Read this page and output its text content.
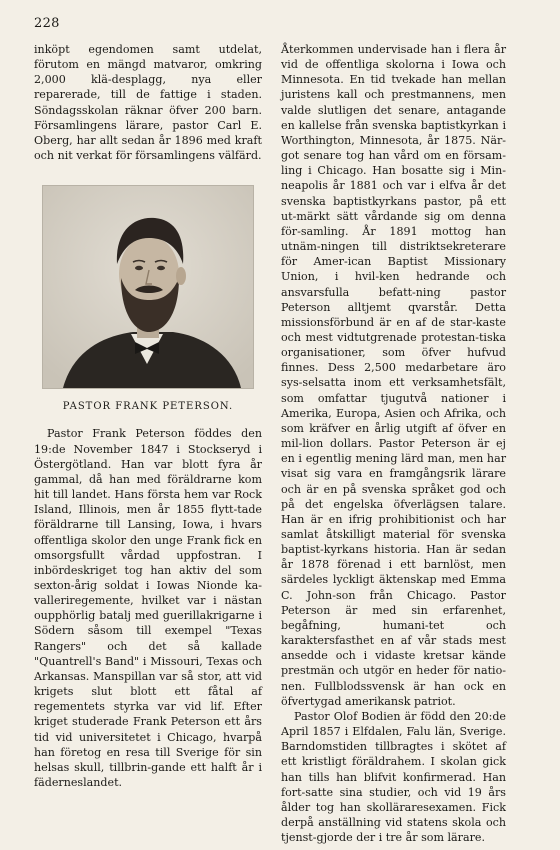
228

inköpt egendomen samt utdelat, förutom en mängd matvaror, omkring 2,000 klä-desplagg, nya eller reparerade, till de fattige i staden. Söndagsskolan räknar öfver 200 barn. Församlingens lärare, pastor Carl E. Oberg, har allt sedan år 1896 med kraft och nit verkat för församlingens välfärd.

PASTOR FRANK PETERSON.

Pastor Frank Peterson föddes den 19:de November 1847 i Stockseryd i Östergötland. Han var blott fyra år gammal, då han med föräldrarne kom hit till landet. Hans första hem var Rock Island, Illinois, men år 1855 flytt-tade föräldrarne till Lansing, Iowa, i hvars offentliga skolor den unge Frank fick en omsorgsfullt vårdad uppfostran. I inbördeskriget tog han aktiv del som sexton-årig soldat i Iowas Nionde ka-valleriregemente, hvilket var i nästan oupphörlig batalj med guerillakrigarne i Södern såsom till exempel "Texas Rangers" och det så kallade "Quantrell's Band" i Missouri, Texas och Arkansas. Manspillan var så stor, att vid krigets slut blott ett fåtal af regementets styrka var vid lif. Efter kriget studerade Frank Peterson ett års tid vid universitetet i Chicago, hvarpå han företog en resa till Sverige för sin helsas skull, tillbrin-gande ett halft år i fäderneslandet.

Återkommen undervisade han i flera år vid de offentliga skolorna i Iowa och Minnesota. En tid tvekade han mellan juristens kall och prestmannens, men valde slutligen det senare, antagande en kallelse från svenska baptistkyrkan i Worthington, Minnesota, år 1875. När-got senare tog han vård om en försam-ling i Chicago. Han bosatte sig i Min-neapolis år 1881 och var i elfva år det svenska baptistkyrkans pastor, på ett ut-märkt sätt vårdande sig om denna för-samling. År 1891 mottog han utnäm-ningen till distriktsekreterare för Amer-ican Baptist Missionary Union, i hvil-ken hedrande och ansvarsfulla befatt-ning pastor Peterson alltjemt qvarstår. Detta missionsförbund är en af de star-kaste och mest vidtutgrenade protestan-tiska organisationer, som öfver hufvud finnes. Dess 2,500 medarbetare äro sys-selsatta inom ett verksamhetsfält, som omfattar tjugutvå nationer i Amerika, Europa, Asien och Afrika, och som kräfver en årlig utgift af öfver en mil-lion dollars. Pastor Peterson är ej en i egentlig mening lärd man, men har visat sig vara en framgångsrik lärare och är en på svenska språket god och på det engelska öfverlägsen talare. Han är en ifrig prohibitionist och har samlat åtskilligt material för svenska baptist-kyrkans historia. Han är sedan år 1878 förenad i ett barnlöst, men särdeles lyckligt äktenskap med Emma C. John-son från Chicago. Pastor Peterson är med sin erfarenhet, begåfning, humani-tet och karaktersfasthet en af vår stads mest ansedde och i vidaste kretsar kände prestmän och utgör en heder för natio-nen. Fullblodssvensk är han ock en öfvertygad amerikansk patriot.

Pastor Olof Bodien är född den 20:de April 1857 i Elfdalen, Falu län, Sverige. Barndomstiden tillbragtes i skötet af ett kristligt föräldrahem. I skolan gick han tills han blifvit konfirmerad. Han fort-satte sina studier, och vid 19 års ålder tog han skolläraresexamen. Fick derpå anställning vid statens skola och tjenst-gjorde der i tre år som lärare.
